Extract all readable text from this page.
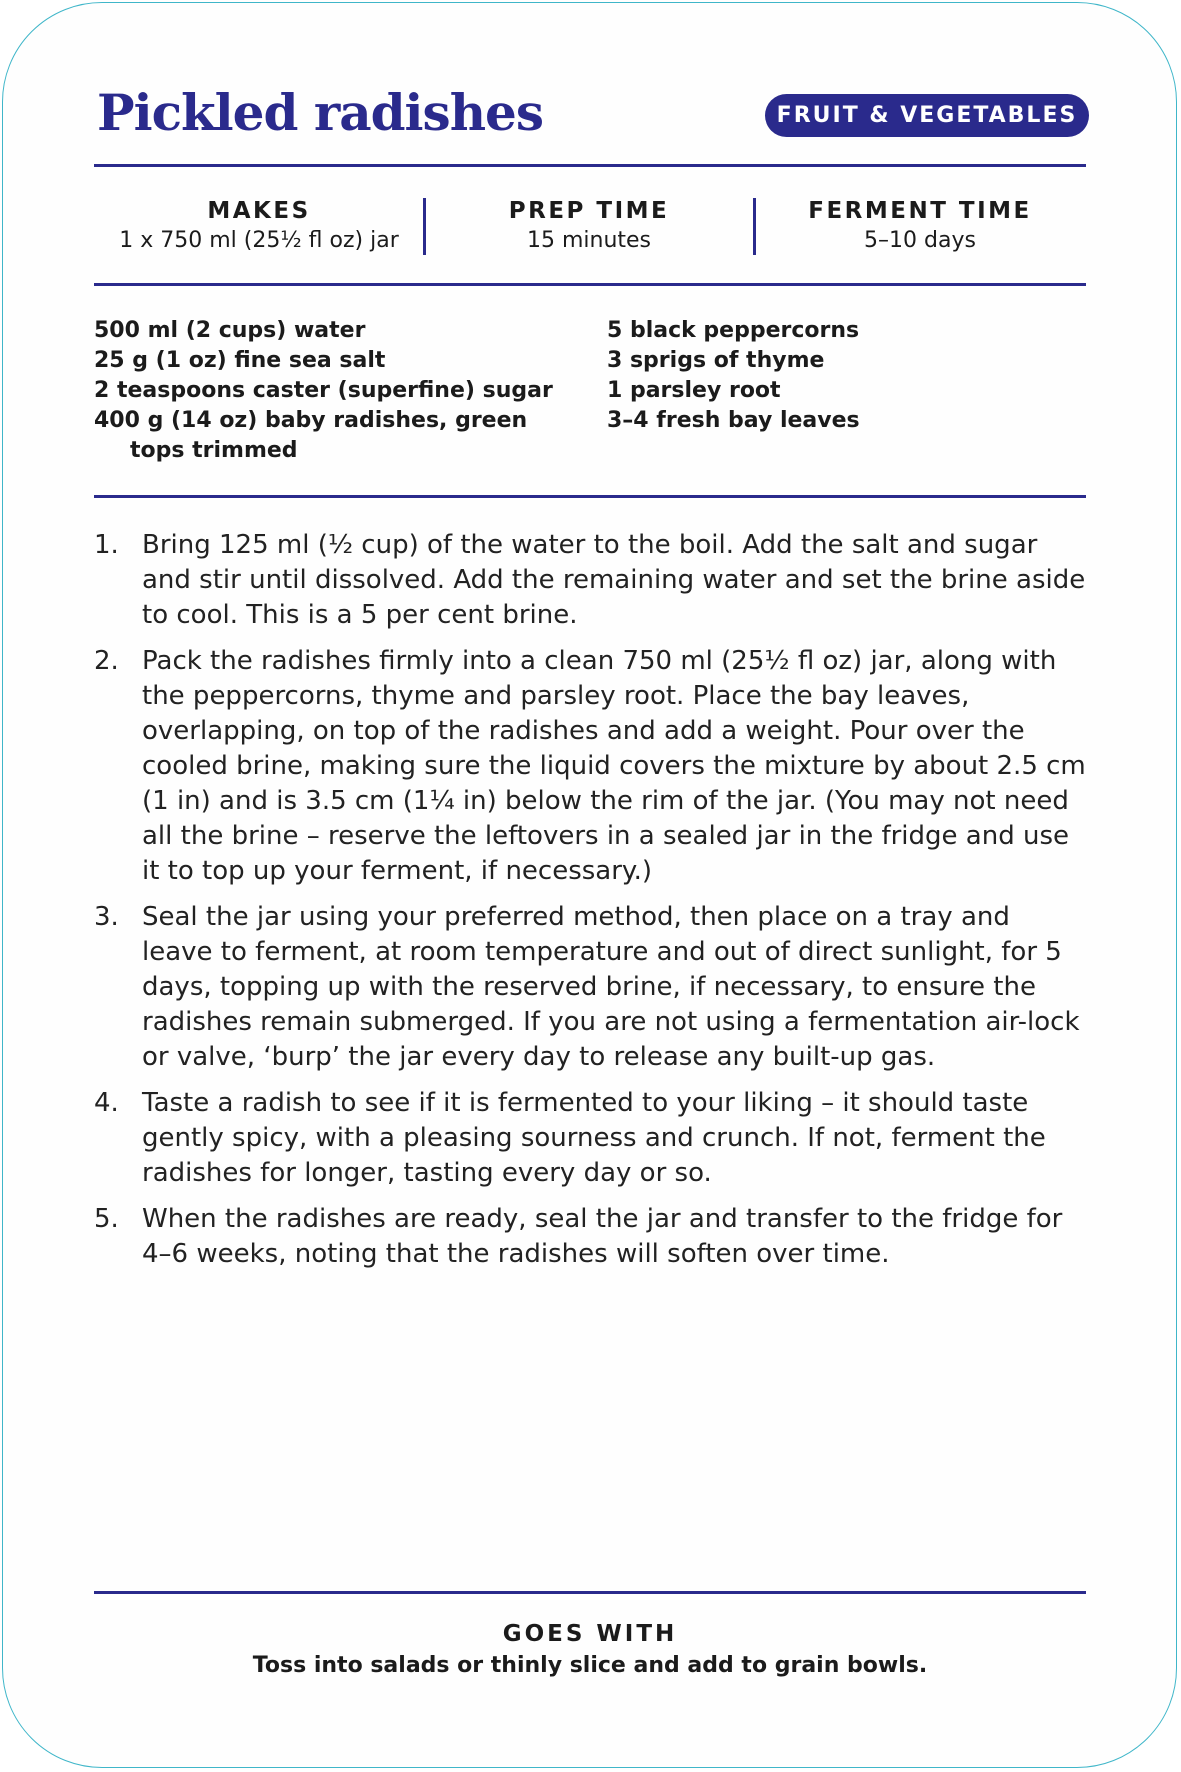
Pickled radishes	FRUIT & VEGETABLES
MAKES
1 x 750 ml (25½ fl oz) jar
PREP TIME
15 minutes
FERMENT TIME
5–10 days
500 ml (2 cups) water
25 g (1 oz) fine sea salt
2 teaspoons caster (superfine) sugar
400 g (14 oz) baby radishes, green tops trimmed
5 black peppercorns
3 sprigs of thyme
1 parsley root
3–4 fresh bay leaves
1. Bring 125 ml (½ cup) of the water to the boil. Add the salt and sugar and stir until dissolved. Add the remaining water and set the brine aside to cool. This is a 5 per cent brine.
2. Pack the radishes firmly into a clean 750 ml (25½ fl oz) jar, along with the peppercorns, thyme and parsley root. Place the bay leaves, overlapping, on top of the radishes and add a weight. Pour over the cooled brine, making sure the liquid covers the mixture by about 2.5 cm (1 in) and is 3.5 cm (1¼ in) below the rim of the jar. (You may not need all the brine – reserve the leftovers in a sealed jar in the fridge and use it to top up your ferment, if necessary.)
3. Seal the jar using your preferred method, then place on a tray and leave to ferment, at room temperature and out of direct sunlight, for 5 days, topping up with the reserved brine, if necessary, to ensure the radishes remain submerged. If you are not using a fermentation air-lock or valve, ‘burp’ the jar every day to release any built-up gas.
4. Taste a radish to see if it is fermented to your liking – it should taste gently spicy, with a pleasing sourness and crunch. If not, ferment the radishes for longer, tasting every day or so.
5. When the radishes are ready, seal the jar and transfer to the fridge for 4–6 weeks, noting that the radishes will soften over time.
GOES WITH
Toss into salads or thinly slice and add to grain bowls.
